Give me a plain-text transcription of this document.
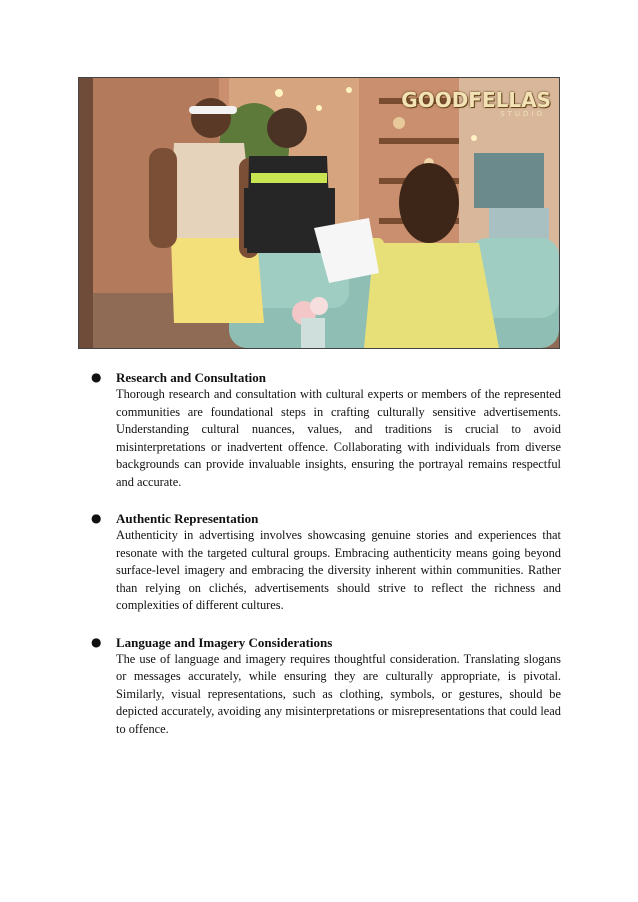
GOODFELLAS
STUDIO
● Research and Consultation

Thorough research and consultation with cultural experts or members of the represented communities are foundational steps in crafting culturally sensitive advertisements. Understanding cultural nuances, values, and traditions is crucial to avoid misinterpretations or inadvertent offence. Collaborating with individuals from diverse backgrounds can provide invaluable insights, ensuring the portrayal remains respectful and accurate.

● Authentic Representation

Authenticity in advertising involves showcasing genuine stories and experiences that resonate with the targeted cultural groups. Embracing authenticity means going beyond surface-level imagery and embracing the diversity inherent within communities. Rather than relying on clichés, advertisements should strive to reflect the richness and complexities of different cultures.

● Language and Imagery Considerations

The use of language and imagery requires thoughtful consideration. Translating slogans or messages accurately, while ensuring they are culturally appropriate, is pivotal. Similarly, visual representations, such as clothing, symbols, or gestures, should be depicted accurately, avoiding any misinterpretations or misrepresentations that could lead to offence.
